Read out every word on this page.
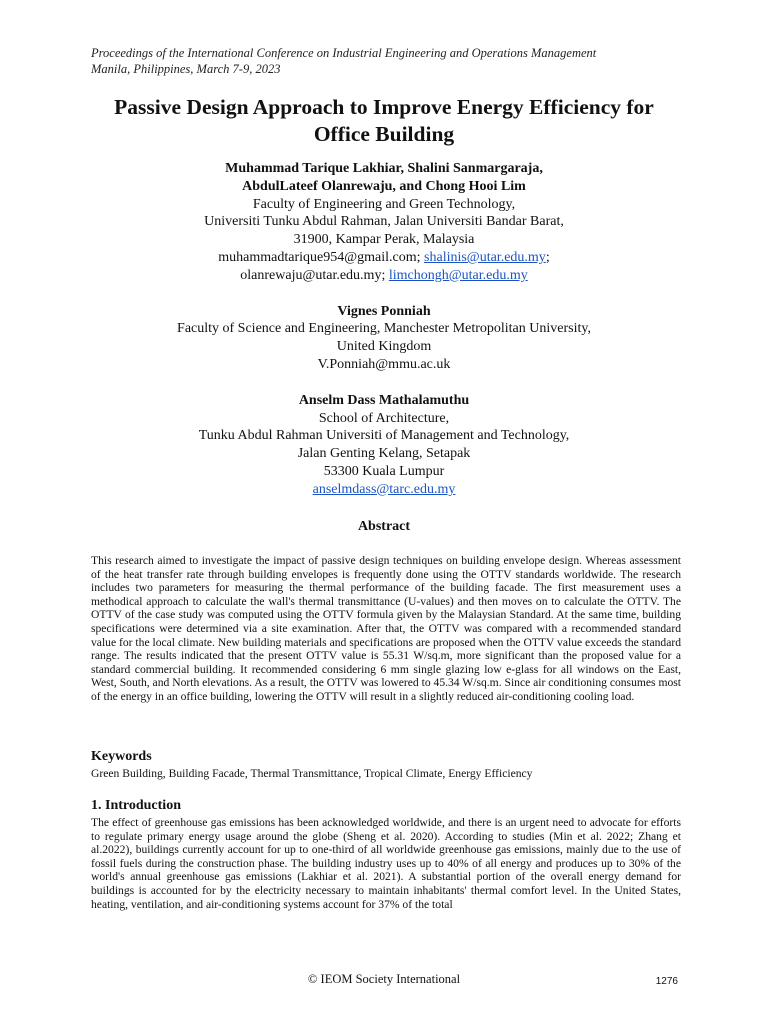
Proceedings of the International Conference on Industrial Engineering and Operations Management
Manila, Philippines, March 7-9, 2023
Passive Design Approach to Improve Energy Efficiency for
Office Building
Muhammad Tarique Lakhiar, Shalini Sanmargaraja,
AbdulLateef Olanrewaju, and Chong Hooi Lim
Faculty of Engineering and Green Technology,
Universiti Tunku Abdul Rahman, Jalan Universiti Bandar Barat,
31900, Kampar Perak, Malaysia
muhammadtarique954@gmail.com; shalinis@utar.edu.my;
olanrewaju@utar.edu.my; limchongh@utar.edu.my
Vignes Ponniah
Faculty of Science and Engineering, Manchester Metropolitan University,
United Kingdom
V.Ponniah@mmu.ac.uk
Anselm Dass Mathalamuthu
School of Architecture,
Tunku Abdul Rahman Universiti of Management and Technology,
Jalan Genting Kelang, Setapak
53300 Kuala Lumpur
anselmdass@tarc.edu.my
Abstract
This research aimed to investigate the impact of passive design techniques on building envelope design. Whereas assessment of the heat transfer rate through building envelopes is frequently done using the OTTV standards worldwide. The research includes two parameters for measuring the thermal performance of the building facade. The first measurement uses a methodical approach to calculate the wall's thermal transmittance (U-values) and then moves on to calculate the OTTV. The OTTV of the case study was computed using the OTTV formula given by the Malaysian Standard. At the same time, building specifications were determined via a site examination. After that, the OTTV was compared with a recommended standard value for the local climate. New building materials and specifications are proposed when the OTTV value exceeds the standard range. The results indicated that the present OTTV value is 55.31 W/sq.m, more significant than the proposed value for a standard commercial building. It recommended considering 6 mm single glazing low e-glass for all windows on the East, West, South, and North elevations. As a result, the OTTV was lowered to 45.34 W/sq.m. Since air conditioning consumes most of the energy in an office building, lowering the OTTV will result in a slightly reduced air-conditioning cooling load.
Keywords
Green Building, Building Facade, Thermal Transmittance, Tropical Climate, Energy Efficiency
1. Introduction
The effect of greenhouse gas emissions has been acknowledged worldwide, and there is an urgent need to advocate for efforts to regulate primary energy usage around the globe (Sheng et al. 2020). According to studies (Min et al. 2022; Zhang et al.2022), buildings currently account for up to one-third of all worldwide greenhouse gas emissions, mainly due to the use of fossil fuels during the construction phase. The building industry uses up to 40% of all energy and produces up to 30% of the world's annual greenhouse gas emissions (Lakhiar et al. 2021). A substantial portion of the overall energy demand for buildings is accounted for by the electricity necessary to maintain inhabitants' thermal comfort level. In the United States, heating, ventilation, and air-conditioning systems account for 37% of the total
© IEOM Society International	1276
